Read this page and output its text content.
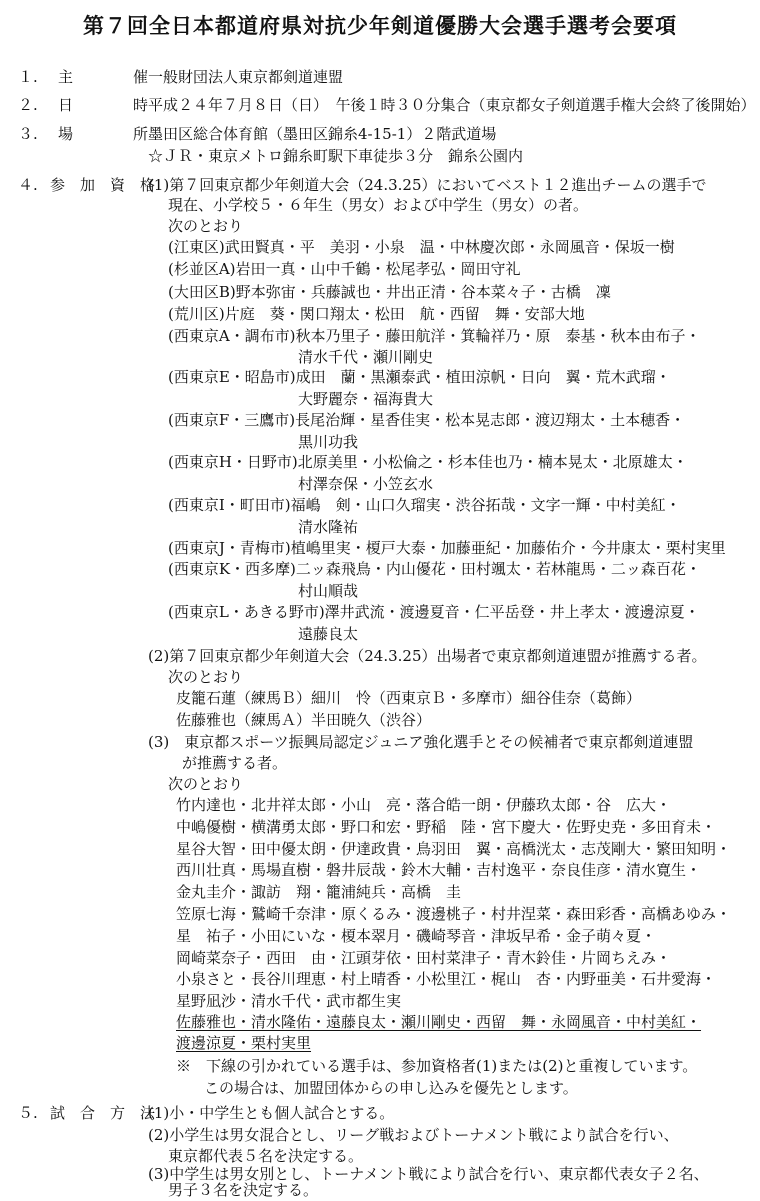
第７回全日本都道府県対抗少年剣道優勝大会選手選考会要項
１. 主　　　　催 一般財団法人東京都剣道連盟
２. 日　　　　時 平成２４年７月８日（日）　午後１時３０分集合（東京都女子剣道選手権大会終了後開始）
３. 場　　　　所 墨田区総合体育館（墨田区錦糸4-15-1）２階武道場
☆ＪＲ・東京メトロ錦糸町駅下車徒歩３分　錦糸公園内
４. 参　加　資　格
(1)第７回東京都少年剣道大会（24.3.25）においてベスト１２進出チームの選手で
現在、小学校５・６年生（男女）および中学生（男女）の者。
次のとおり
(江東区)武田賢真・平　美羽・小泉　温・中林慶次郎・永岡風音・保坂一樹
(杉並区A)岩田一真・山中千鶴・松尾孝弘・岡田守礼
(大田区B)野本弥宙・兵藤誠也・井出正清・谷本菜々子・古橋　凜
(荒川区)片庭　葵・関口翔太・松田　航・西留　舞・安部大地
(西東京A・調布市)秋本乃里子・藤田航洋・箕輪祥乃・原　泰基・秋本由布子・
清水千代・瀬川剛史
(西東京E・昭島市)成田　蘭・黒瀬泰武・植田涼帆・日向　翼・荒木武瑠・
大野麗奈・福海貴大
(西東京F・三鷹市)長尾治輝・星香佳実・松本晃志郎・渡辺翔太・土本穂香・
黒川功我
(西東京H・日野市)北原美里・小松倫之・杉本佳也乃・楠本晃太・北原雄太・
村澤奈保・小笠玄水
(西東京I・町田市)福嶋　剣・山口久瑠実・渋谷拓哉・文字一輝・中村美紅・
清水隆祐
(西東京J・青梅市)植嶋里実・榎戸大泰・加藤亜紀・加藤佑介・今井康太・栗村実里
(西東京K・西多摩)二ッ森飛鳥・内山優花・田村颯太・若林龍馬・二ッ森百花・
村山順哉
(西東京L・あきる野市)澤井武流・渡邊夏音・仁平岳登・井上孝太・渡邊涼夏・
遠藤良太
(2)第７回東京都少年剣道大会（24.3.25）出場者で東京都剣道連盟が推薦する者。
次のとおり
皮籠石蓮（練馬Ｂ）細川　怜（西東京Ｂ・多摩市）細谷佳奈（葛飾）
佐藤雅也（練馬Ａ）半田暁久（渋谷）
(3)　東京都スポーツ振興局認定ジュニア強化選手とその候補者で東京都剣道連盟
が推薦する者。
次のとおり
竹内達也・北井祥太郎・小山　亮・落合皓一朗・伊藤玖太郎・谷　広大・
中嶋優樹・横溝勇太郎・野口和宏・野稲　陸・宮下慶大・佐野史尭・多田育未・
星谷大智・田中優太朗・伊達政貴・鳥羽田　翼・高橋洸太・志茂剛大・繁田知明・
西川壮真・馬場直樹・磐井辰哉・鈴木大輔・吉村逸平・奈良佳彦・清水寛生・
金丸圭介・諏訪　翔・籠浦純兵・高橋　圭
笠原七海・鷲崎千奈津・原くるみ・渡邊桃子・村井涅菜・森田彩香・高橋あゆみ・
星　祐子・小田にいな・榎本翠月・磯崎琴音・津坂早希・金子萌々夏・
岡崎菜奈子・西田　由・江頭芽依・田村菜津子・青木鈴佳・片岡ちえみ・
小泉さと・長谷川理恵・村上晴香・小松里江・梶山　杏・内野亜美・石井愛海・
星野凪沙・清水千代・武市都生実
佐藤雅也・清水隆佑・遠藤良太・瀬川剛史・西留　舞・永岡風音・中村美紅・
渡邊涼夏・栗村実里
※　下線の引かれている選手は、参加資格者(1)または(2)と重複しています。
この場合は、加盟団体からの申し込みを優先とします。
５. 試　合　方　法
(1)小・中学生とも個人試合とする。
(2)小学生は男女混合とし、リーグ戦およびトーナメント戦により試合を行い、
東京都代表５名を決定する。
(3)中学生は男女別とし、トーナメント戦により試合を行い、東京都代表女子２名、
男子３名を決定する。
